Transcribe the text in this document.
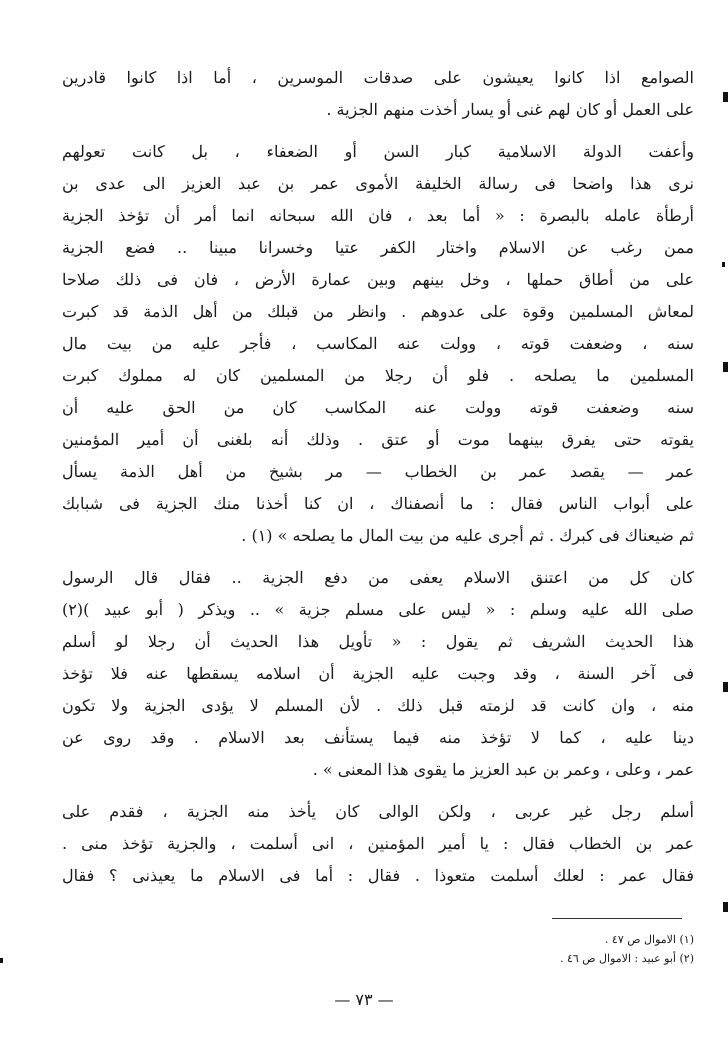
الصوامع اذا كانوا يعيشون على صدقات الموسرين ، أما اذا كانوا قادرين
على العمل أو كان لهم غنى أو يسار أخذت منهم الجزية .
وأعفت الدولة الاسلامية كبار السن أو الضعفاء ، بل كانت تعولهم
نرى هذا واضحا فى رسالة الخليفة الأموى عمر بن عبد العزيز الى عدى بن
أرطأة عامله بالبصرة : « أما بعد ، فان الله سبحانه انما أمر أن تؤخذ الجزية
ممن رغب عن الاسلام واختار الكفر عتيا وخسرانا مبينا .. فضع الجزية
على من أطاق حملها ، وخل بينهم وبين عمارة الأرض ، فان فى ذلك صلاحا
لمعاش المسلمين وقوة على عدوهم . وانظر من قبلك من أهل الذمة قد كبرت
سنه ، وضعفت قوته ، وولت عنه المكاسب ، فأجر عليه من بيت مال
المسلمين ما يصلحه . فلو أن رجلا من المسلمين كان له مملوك كبرت
سنه وضعفت قوته وولت عنه المكاسب كان من الحق عليه أن
يقوته حتى يفرق بينهما موت أو عتق . وذلك أنه بلغنى أن أمير المؤمنين
عمر — يقصد عمر بن الخطاب — مر بشيخ من أهل الذمة يسأل
على أبواب الناس فقال : ما أنصفناك ، ان كنا أخذنا منك الجزية فى شبابك
ثم ضيعناك فى كبرك . ثم أجرى عليه من بيت المال ما يصلحه » (١) .
كان كل من اعتنق الاسلام يعفى من دفع الجزية .. فقال قال الرسول
صلى الله عليه وسلم : « ليس على مسلم جزية » .. ويذكر ( أبو عبيد )(٢)
هذا الحديث الشريف ثم يقول : « تأويل هذا الحديث أن رجلا لو أسلم
فى آخر السنة ، وقد وجبت عليه الجزية أن اسلامه يسقطها عنه فلا تؤخذ
منه ، وان كانت قد لزمته قبل ذلك . لأن المسلم لا يؤدى الجزية ولا تكون
دينا عليه ، كما لا تؤخذ منه فيما يستأنف بعد الاسلام . وقد روى عن
عمر ، وعلى ، وعمر بن عبد العزيز ما يقوى هذا المعنى » .
أسلم رجل غير عربى ، ولكن الوالى كان يأخذ منه الجزية ، فقدم على
عمر بن الخطاب فقال : يا أمير المؤمنين ، انى أسلمت ، والجزية تؤخذ منى .
فقال عمر : لعلك أسلمت متعوذا . فقال : أما فى الاسلام ما يعيذنى ؟ فقال
(١) الاموال ص ٤٧ .
(٢) أبو عبيد : الاموال ص ٤٦ .
— ٧٣ —
